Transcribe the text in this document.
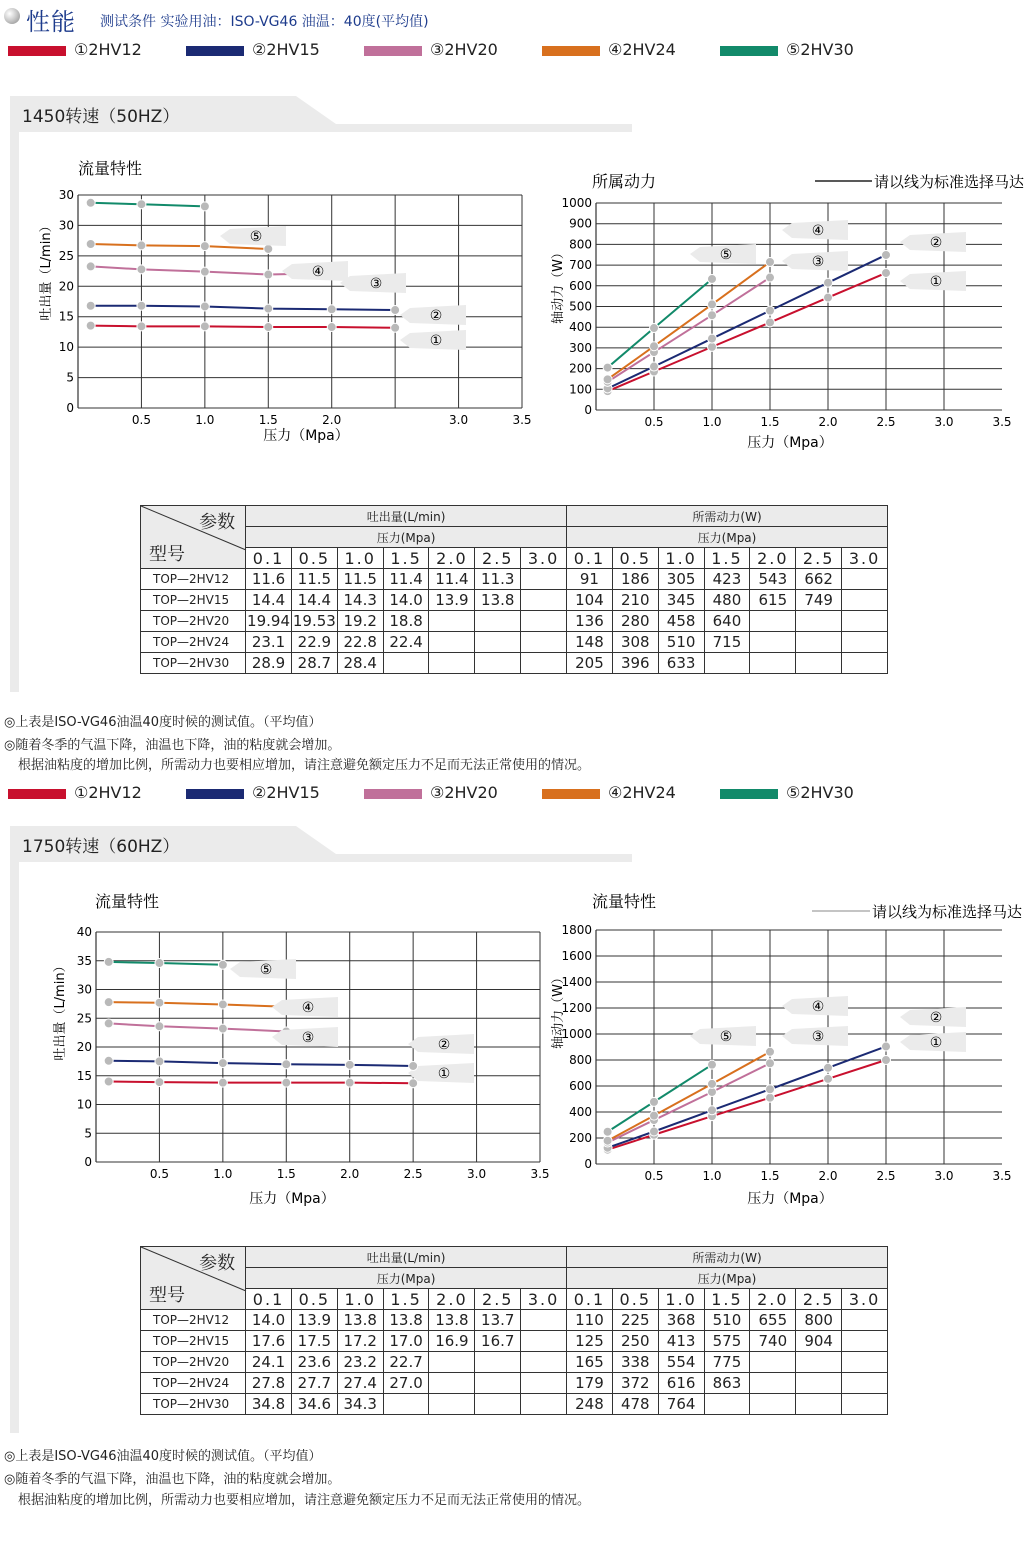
性能 测试条件 实验用油：ISO-VG46 油温：40度(平均值)
①2HV12	②2HV15	③2HV20	④2HV24	⑤2HV30
1450转速（50HZ）
流量特性
0
5
10
15
20
25
30
30
0.5	1.0	1.5	2.0	3.0	3.5
压力（Mpa）
吐出量（L/min）
①
②
③
④
⑤
所属动力	请以线为标准选择马达
0
100
200
300
400
500
600
700
800
900
1000
0.5	1.0	1.5	2.0	2.5	3.0	3.5
压力（Mpa）
轴动力（W）	①
②
③
④
⑤
参数
型号	吐出量(L/min)							所需动力(W)						
	压力(Mpa)							压力(Mpa)						
	0.1	0.5	1.0	1.5	2.0	2.5	3.0	0.1	0.5	1.0	1.5	2.0	2.5	3.0
TOP—2HV12	11.6	11.5	11.5	11.4	11.4	11.3		91	186	305	423	543	662	
TOP—2HV15	14.4	14.4	14.3	14.0	13.9	13.8		104	210	345	480	615	749	
TOP—2HV20	19.94	19.53	19.2	18.8				136	280	458	640			
TOP—2HV24	23.1	22.9	22.8	22.4				148	308	510	715			
TOP—2HV30	28.9	28.7	28.4					205	396	633				
◎上表是ISO-VG46油温40度时候的测试值。（平均值）
◎随着冬季的气温下降，油温也下降，油的粘度就会增加。
根据油粘度的增加比例，所需动力也要相应增加，请注意避免额定压力不足而无法正常使用的情况。
①2HV12	②2HV15	③2HV20	④2HV24	⑤2HV30
1750转速（60HZ）
流量特性
0
5
10
15
20
25
30
35
40
0.5	1.0	1.5	2.0	2.5	3.0	3.5
压力（Mpa）
吐出量（L/min）
①
②
③
④
⑤
流量特性
请以线为标准选择马达
0
200
400
600
800
1000
1200
1400
1600
1800
0.5	1.0	1.5	2.0	2.5	3.0	3.5
压力（Mpa）
轴动力（W）	①
②
③
④
⑤
参数
型号	吐出量(L/min)							所需动力(W)						
	压力(Mpa)							压力(Mpa)						
	0.1	0.5	1.0	1.5	2.0	2.5	3.0	0.1	0.5	1.0	1.5	2.0	2.5	3.0
TOP—2HV12	14.0	13.9	13.8	13.8	13.8	13.7		110	225	368	510	655	800	
TOP—2HV15	17.6	17.5	17.2	17.0	16.9	16.7		125	250	413	575	740	904	
TOP—2HV20	24.1	23.6	23.2	22.7				165	338	554	775			
TOP—2HV24	27.8	27.7	27.4	27.0				179	372	616	863			
TOP—2HV30	34.8	34.6	34.3					248	478	764				
◎上表是ISO-VG46油温40度时候的测试值。（平均值）
◎随着冬季的气温下降，油温也下降，油的粘度就会增加。
根据油粘度的增加比例，所需动力也要相应增加，请注意避免额定压力不足而无法正常使用的情况。
